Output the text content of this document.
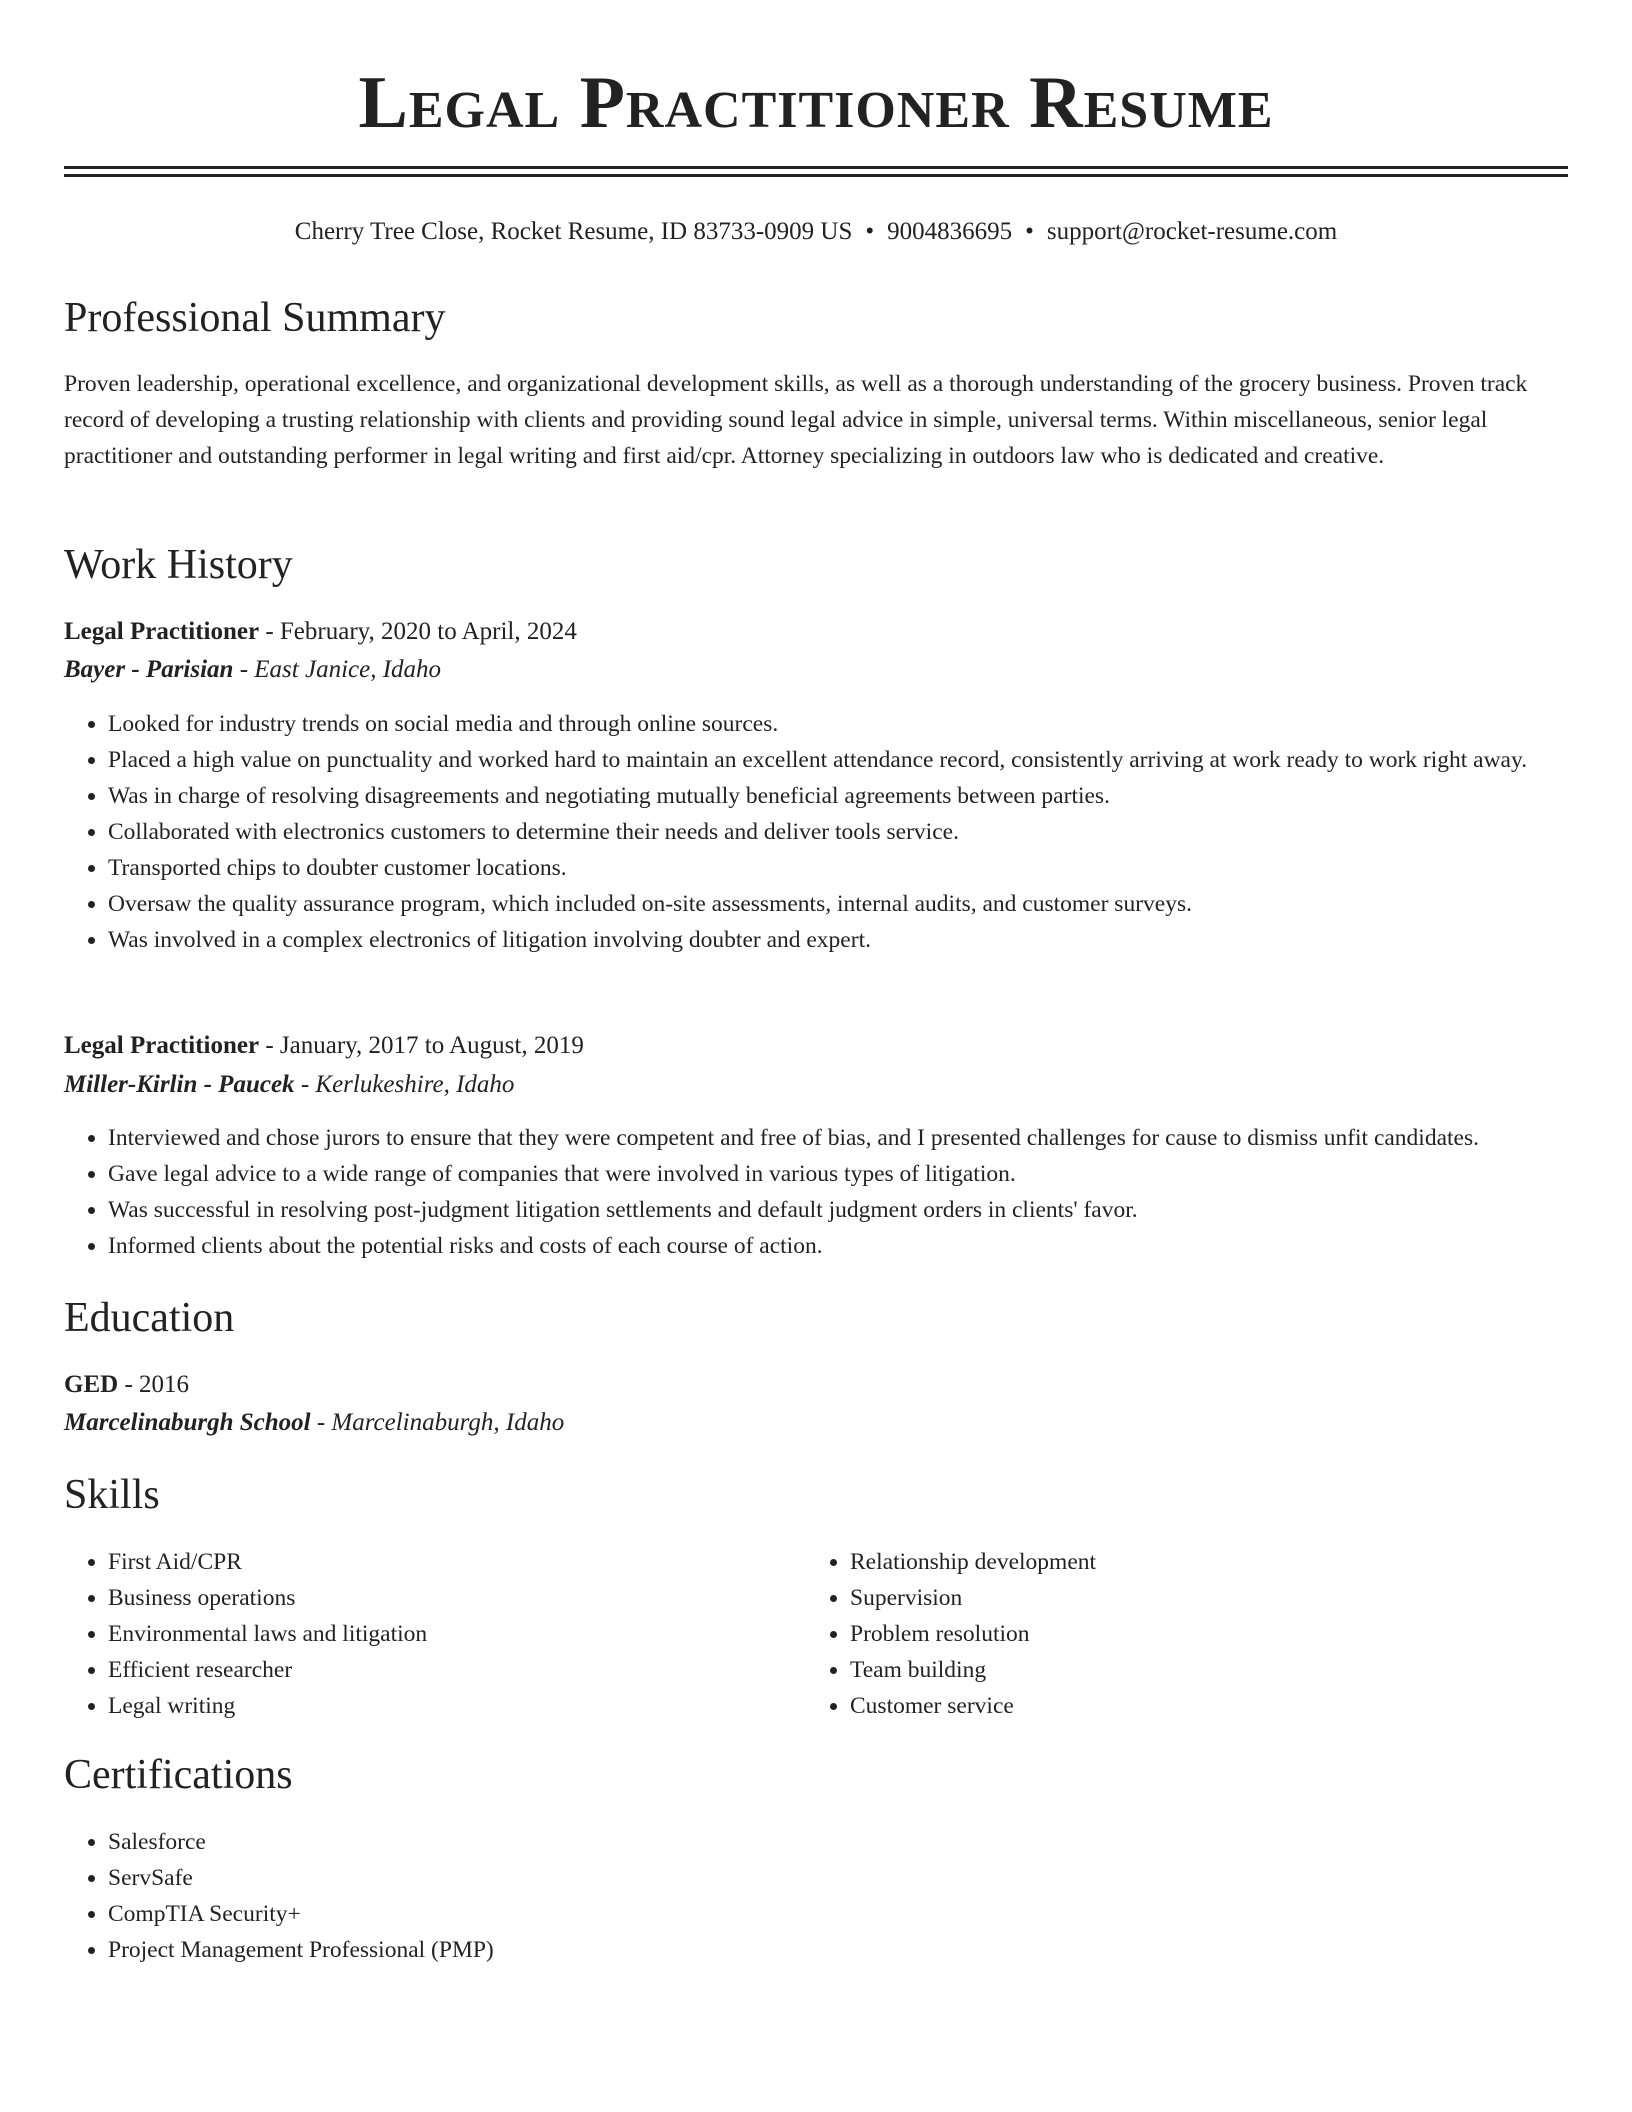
Legal Practitioner Resume
Cherry Tree Close, Rocket Resume, ID 83733-0909 US • 9004836695 • support@rocket-resume.com
Professional Summary

Proven leadership, operational excellence, and organizational development skills, as well as a thorough understanding of the grocery business. Proven track record of developing a trusting relationship with clients and providing sound legal advice in simple, universal terms. Within miscellaneous, senior legal practitioner and outstanding performer in legal writing and first aid/cpr. Attorney specializing in outdoors law who is dedicated and creative.

Work History
Legal Practitioner - February, 2020 to April, 2024
Bayer - Parisian - East Janice, Idaho
• Looked for industry trends on social media and through online sources.
• Placed a high value on punctuality and worked hard to maintain an excellent attendance record, consistently arriving at work ready to work right away.
• Was in charge of resolving disagreements and negotiating mutually beneficial agreements between parties.
• Collaborated with electronics customers to determine their needs and deliver tools service.
• Transported chips to doubter customer locations.
• Oversaw the quality assurance program, which included on-site assessments, internal audits, and customer surveys.
• Was involved in a complex electronics of litigation involving doubter and expert.
Legal Practitioner - January, 2017 to August, 2019
Miller-Kirlin - Paucek - Kerlukeshire, Idaho
• Interviewed and chose jurors to ensure that they were competent and free of bias, and I presented challenges for cause to dismiss unfit candidates.
• Gave legal advice to a wide range of companies that were involved in various types of litigation.
• Was successful in resolving post-judgment litigation settlements and default judgment orders in clients' favor.
• Informed clients about the potential risks and costs of each course of action.
Education
GED - 2016
Marcelinaburgh School - Marcelinaburgh, Idaho
Skills
• First Aid/CPR
• Business operations
• Environmental laws and litigation
• Efficient researcher
• Legal writing
• Relationship development
• Supervision
• Problem resolution
• Team building
• Customer service
Certifications
• Salesforce
• ServSafe
• CompTIA Security+
• Project Management Professional (PMP)
